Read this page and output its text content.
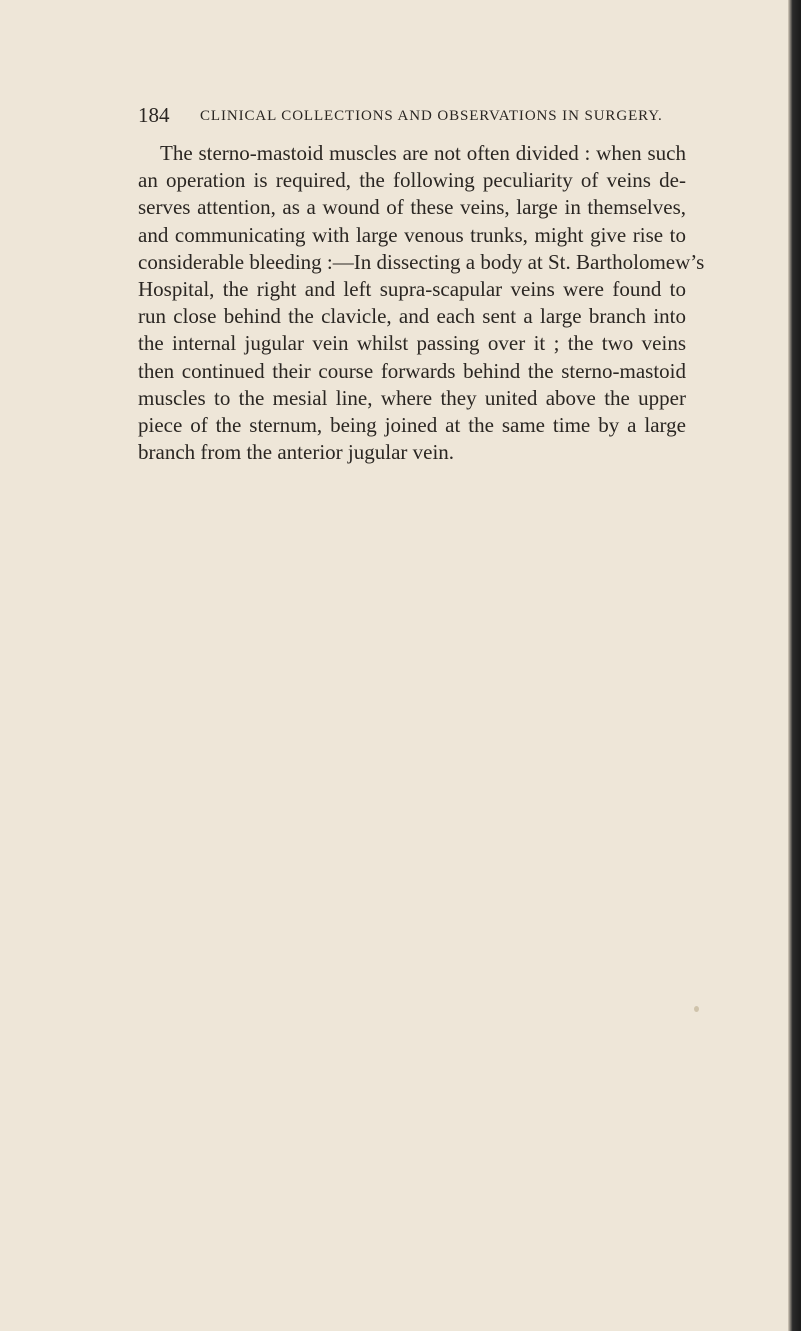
184 CLINICAL COLLECTIONS AND OBSERVATIONS IN SURGERY.
The sterno-mastoid muscles are not often divided : when such
an operation is required, the following peculiarity of veins de-
serves attention, as a wound of these veins, large in themselves,
and communicating with large venous trunks, might give rise to
considerable bleeding :—In dissecting a body at St. Bartholomew’s
Hospital, the right and left supra-scapular veins were found to
run close behind the clavicle, and each sent a large branch into
the internal jugular vein whilst passing over it ; the two veins
then continued their course forwards behind the sterno-mastoid
muscles to the mesial line, where they united above the upper
piece of the sternum, being joined at the same time by a large
branch from the anterior jugular vein.
